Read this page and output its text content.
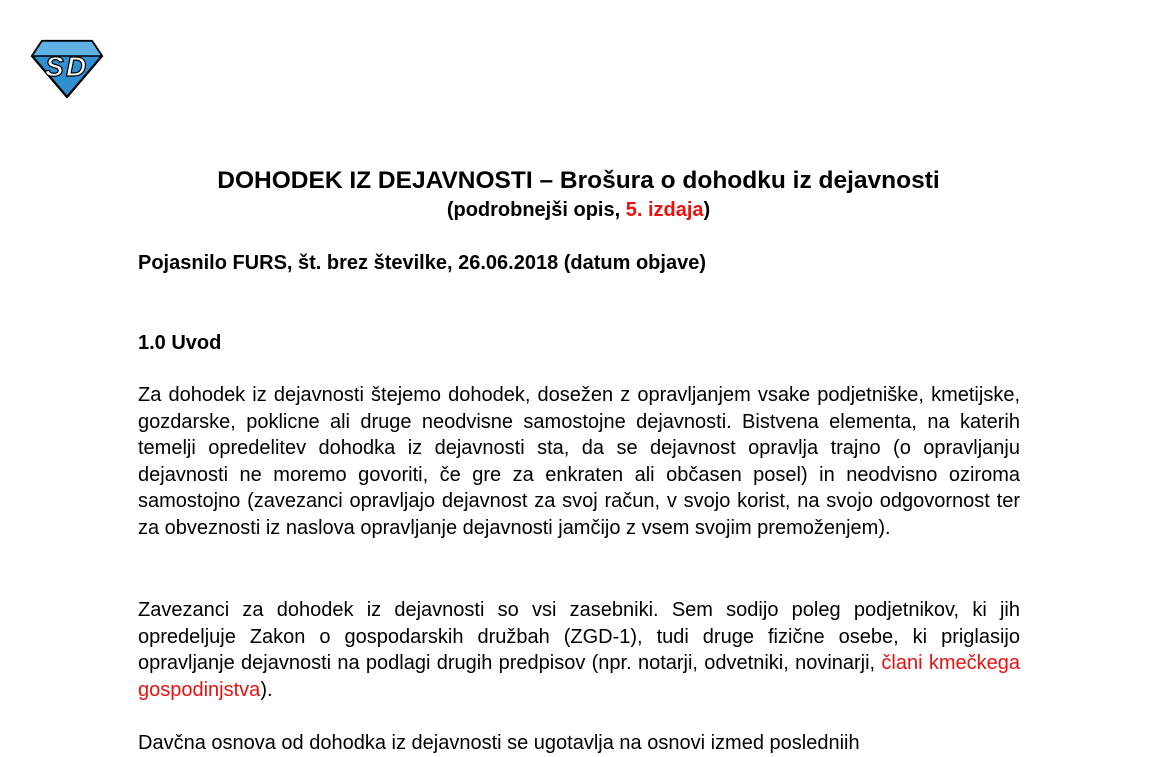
S D
DOHODEK IZ DEJAVNOSTI – Brošura o dohodku iz dejavnosti
(podrobnejši opis, 5. izdaja)
Pojasnilo FURS, št. brez številke, 26.06.2018 (datum objave)
1.0 Uvod

Za dohodek iz dejavnosti štejemo dohodek, dosežen z opravljanjem vsake podjetniške, kmetijske, gozdarske, poklicne ali druge neodvisne samostojne dejavnosti. Bistvena elementa, na katerih temelji opredelitev dohodka iz dejavnosti sta, da se dejavnost opravlja trajno (o opravljanju dejavnosti ne moremo govoriti, če gre za enkraten ali občasen posel) in neodvisno oziroma samostojno (zavezanci opravljajo dejavnost za svoj račun, v svojo korist, na svojo odgovornost ter za obveznosti iz naslova opravljanje dejavnosti jamčijo z vsem svojim premoženjem).

Zavezanci za dohodek iz dejavnosti so vsi zasebniki. Sem sodijo poleg podjetnikov, ki jih opredeljuje Zakon o gospodarskih družbah (ZGD-1), tudi druge fizične osebe, ki priglasijo opravljanje dejavnosti na podlagi drugih predpisov (npr. notarji, odvetniki, novinarji, člani kmečkega gospodinjstva).

Davčna osnova od dohodka iz dejavnosti se ugotavlja na osnovi izmed posledniih
